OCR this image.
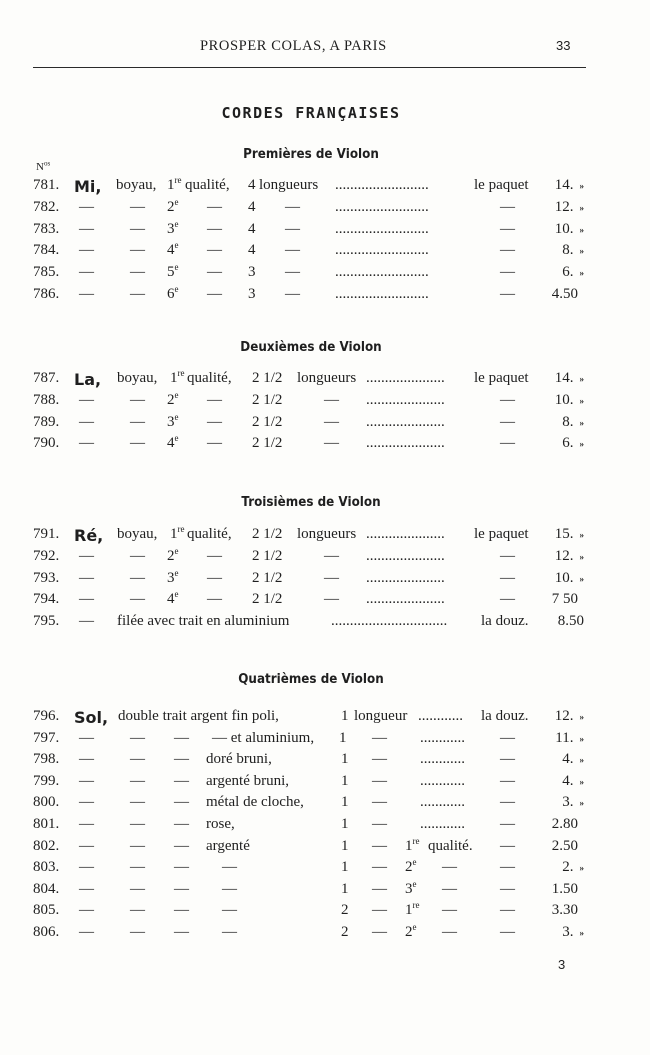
PROSPER COLAS, A PARIS	33
CORDES FRANÇAISES
$N^{os}$
Premières de Violon
Deuxièmes de Violon
Troisièmes de Violon
Quatrièmes de Violon
781. Mi, boyau, 1re qualité, 4 longueurs .........................	le paquet	14. »
782. — — 2e — 4 — .........................	—	12. »
783. — — 3e — 4 — .........................	—	10. »
784. — — 4e — 4 — .........................	—	8. »
785. — — 5e — 3 — .........................	—	6. »
786. — — 6e — 3 — .........................	—	4.50
787. La, boyau, 1re qualité, 2 1/2 longueurs ..................... le paquet	14. »
788. — — 2e — 2 1/2	— .....................	—	10. »
789. — — 3e — 2 1/2	— .....................	—	8. »
790. — — 4e — 2 1/2	— .....................	—	6. »
791. Ré, boyau, 1re qualité, 2 1/2 longueurs ..................... le paquet	15. »
792. — — 2e — 2 1/2	— .....................	—	12. »
793. — — 3e — 2 1/2	— .....................	—	10. »
794. — — 4e — 2 1/2	— .....................	—	7 50
795. — filée avec trait en aluminium	............................... la douz.	8.50
796. Sol, double trait argent fin poli,	1 longueur ............ la douz.	12. »
797. — — — — et aluminium, 1 — ............ —	11. »
798. — — — doré bruni,	1 — ............ —	4. »
799. — — — argenté bruni,	1 — ............ —	4. »
800. — — — métal de cloche, 1 — ............ —	3. »
801. — — — rose,	1 — ............ —	2.80
802. — — — argenté	1 — 1re qualité. —	2.50
803. — — — —	1 — 2e —	—	2. »
804. — — — —	1 — 3e —	—	1.50
805. — — — —	2 — 1re —	—	3.30
806. — — — —	2 — 2e —	—	3. »
3
